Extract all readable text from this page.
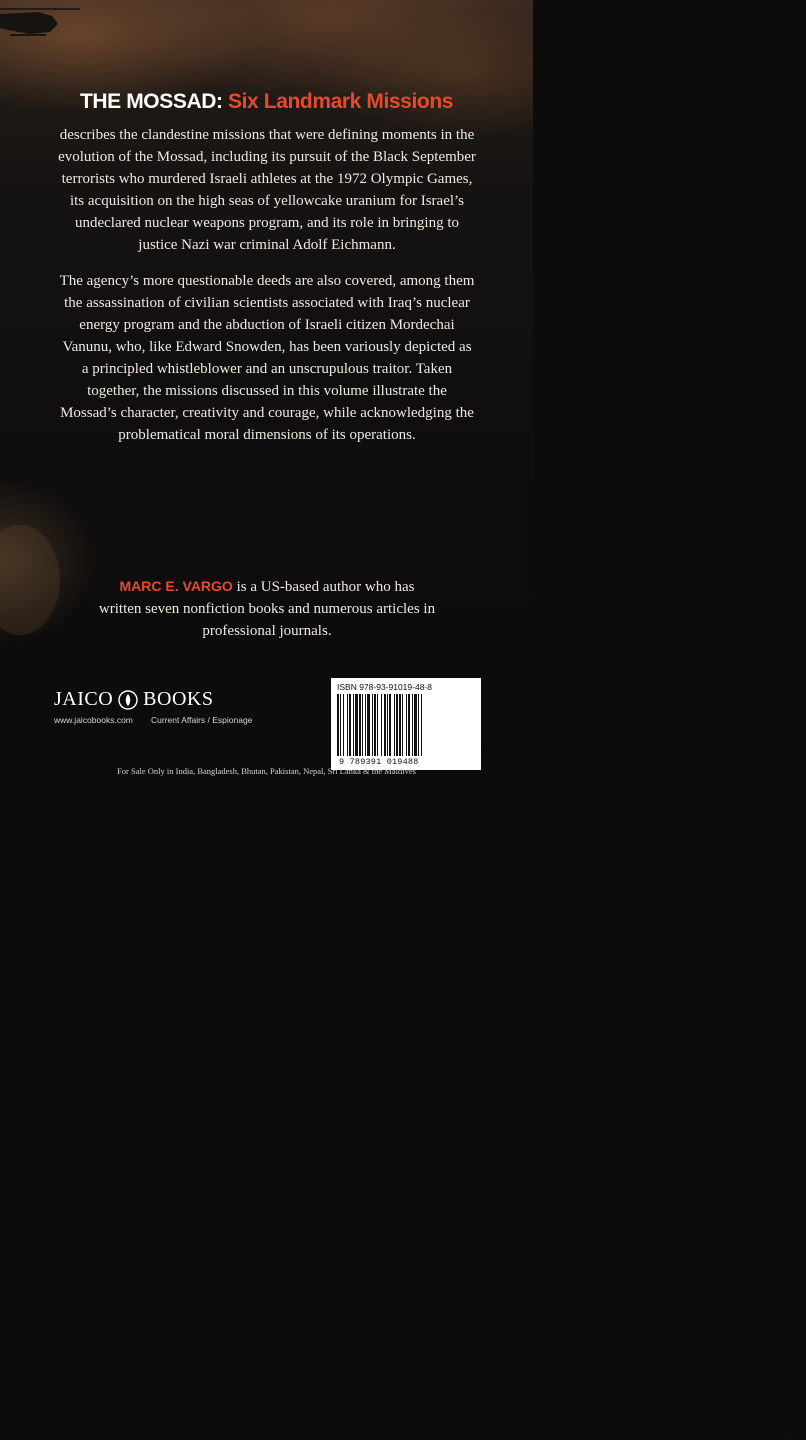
THE MOSSAD: Six Landmark Missions
describes the clandestine missions that were defining moments in the evolution of the Mossad, including its pursuit of the Black September terrorists who murdered Israeli athletes at the 1972 Olympic Games, its acquisition on the high seas of yellowcake uranium for Israel’s undeclared nuclear weapons program, and its role in bringing to justice Nazi war criminal Adolf Eichmann.
The agency’s more questionable deeds are also covered, among them the assassination of civilian scientists associated with Iraq’s nuclear energy program and the abduction of Israeli citizen Mordechai Vanunu, who, like Edward Snowden, has been variously depicted as a principled whistleblower and an unscrupulous traitor. Taken together, the missions discussed in this volume illustrate the Mossad’s character, creativity and courage, while acknowledging the problematical moral dimensions of its operations.
MARC E. VARGO is a US-based author who has written seven nonfiction books and numerous articles in professional journals.
JAICO BOOKS
www.jaicobooks.com Current Affairs / Espionage
ISBN 978-93-91019-48-8
9 789391 019488
J-3048
For Sale Only in India, Bangladesh, Bhutan, Pakistan, Nepal, Sri Lanka & the Maldives
